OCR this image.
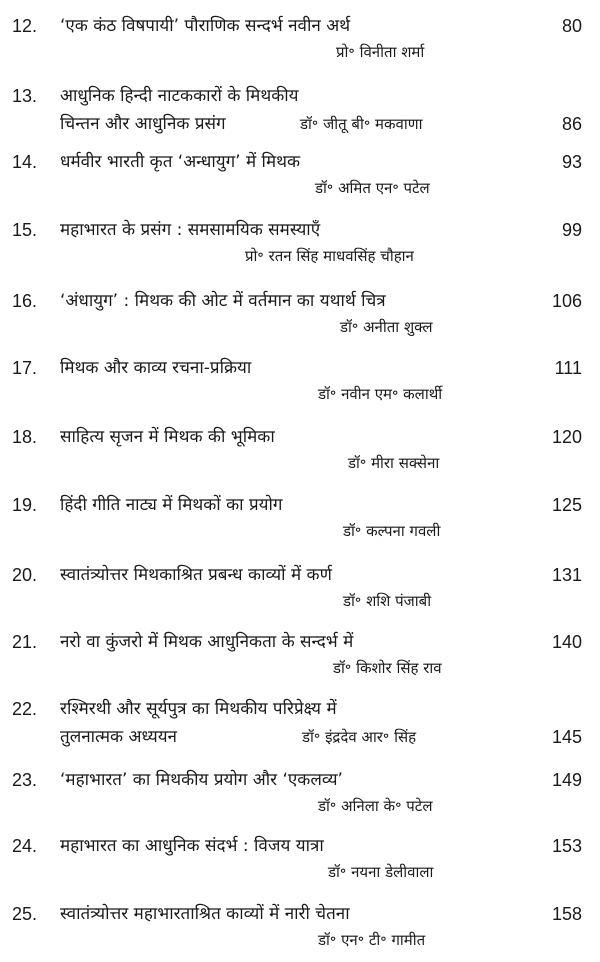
12. ‘एक कंठ विषपायी’ पौराणिक सन्दर्भ नवीन अर्थ	80
प्रो॰ विनीता शर्मा
13. आधुनिक हिन्दी नाटककारों के मिथकीय
चिन्तन और आधुनिक प्रसंग	डॉ॰ जीतू बी॰ मकवाणा	86
14. धर्मवीर भारती कृत ‘अन्धायुग’ में मिथक	93
डॉ॰ अमित एन॰ पटेल
15. महाभारत के प्रसंग : समसामयिक समस्याएँ	99
प्रो॰ रतन सिंह माधवसिंह चौहान
16. ‘अंधायुग’ : मिथक की ओट में वर्तमान का यथार्थ चित्र	106
डॉ॰ अनीता शुक्ल
17. मिथक और काव्य रचना-प्रक्रिया	111
डॉ॰ नवीन एम॰ कलार्थी
18. साहित्य सृजन में मिथक की भूमिका	120
डॉ॰ मीरा सक्सेना
19. हिंदी गीति नाट्य में मिथकों का प्रयोग	125
डॉ॰ कल्पना गवली
20. स्वातंत्र्योत्तर मिथकाश्रित प्रबन्ध काव्यों में कर्ण	131
डॉ॰ शशि पंजाबी
21. नरो वा कुंजरो में मिथक आधुनिकता के सन्दर्भ में	140
डॉ॰ किशोर सिंह राव
22. रश्मिरथी और सूर्यपुत्र का मिथकीय परिप्रेक्ष्य में
तुलनात्मक अध्ययन	डॉ॰ इंद्रदेव आर॰ सिंह	145
23. ‘महाभारत’ का मिथकीय प्रयोग और ‘एकलव्य’	149
डॉ॰ अनिला के॰ पटेल
24. महाभारत का आधुनिक संदर्भ : विजय यात्रा	153
डॉ॰ नयना डेलीवाला
25. स्वातंत्र्योत्तर महाभारताश्रित काव्यों में नारी चेतना	158
डॉ॰ एन॰ टी॰ गामीत
